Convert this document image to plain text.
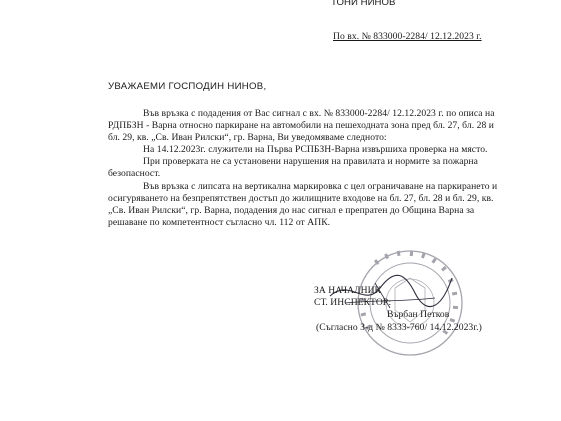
ТОНИ НИНОВ
По вх. № 833000-2284/ 12.12.2023 г.
УВАЖАЕМИ ГОСПОДИН НИНОВ,
Във връзка с подадения от Вас сигнал с вх. № 833000-2284/ 12.12.2023 г. по описа на
РДПБЗН - Варна относно паркиране на автомобили на пешеходната зона пред бл. 27, бл. 28 и
бл. 29, кв. „Св. Иван Рилски“, гр. Варна, Ви уведомяваме следното:
На 14.12.2023г. служители на Първа РСПБЗН-Варна извършиха проверка на място.
При проверката не са установени нарушения на правилата и нормите за пожарна
безопасност.
Във връзка с липсата на вертикална маркировка с цел ограничаване на паркирането и
осигуряването на безпрепятствен достъп до жилищните входове на бл. 27, бл. 28 и бл. 29, кв.
„Св. Иван Рилски“, гр. Варна, подадения до нас сигнал е препратен до Община Варна за
решаване по компетентност съгласно чл. 112 от АПК.
ЗА НАЧАЛНИК
СТ. ИНСПЕКТОР:
Върбан Петков
(Съгласно З-д № 8333-760/ 14.12.2023г.)
